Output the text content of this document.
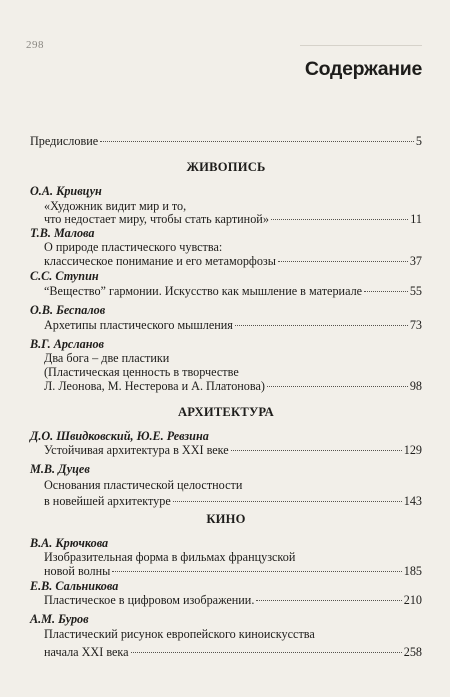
298
Содержание
Предисловие	5
ЖИВОПИСЬ
О.А. Кривцун
«Художник видит мир и то,
что недостает миру, чтобы стать картиной»	11
Т.В. Малова
О природе пластического чувства:
классическое понимание и его метаморфозы	37
С.С. Ступин
“Вещество” гармонии. Искусство как мышление в материале	55
О.В. Беспалов
Архетипы пластического мышления	73
В.Г. Арсланов
Два бога – две пластики
(Пластическая ценность в творчестве
Л. Леонова, М. Нестерова и А. Платонова)	98
АРХИТЕКТУРА
Д.О. Швидковский, Ю.Е. Ревзина
Устойчивая архитектура в XXI веке	129
М.В. Дуцев
Основания пластической целостности
в новейшей архитектуре	143
КИНО
В.А. Крючкова
Изобразительная форма в фильмах французской
новой волны	185
Е.В. Сальникова
Пластическое в цифровом изображении.	210
А.М. Буров
Пластический рисунок европейского киноискусства
начала XXI века	258
